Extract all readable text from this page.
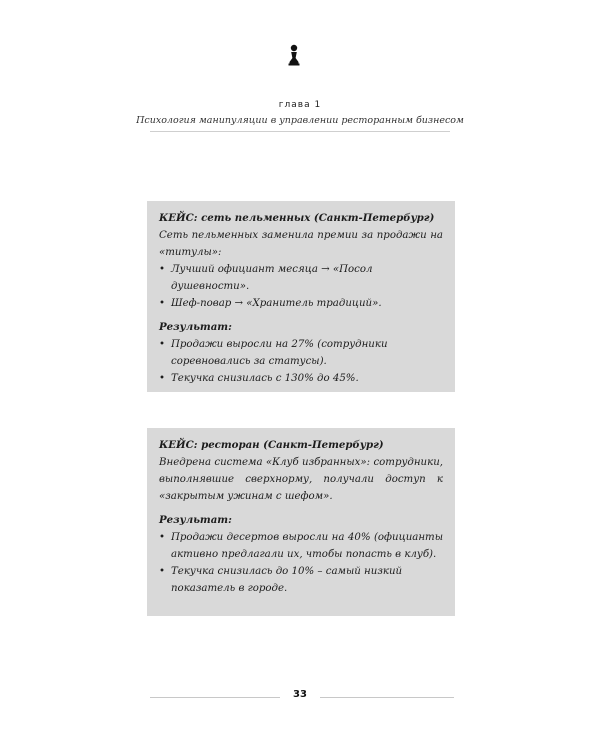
глава 1
Психология манипуляции в управлении ресторанным бизнесом

КЕЙС: сеть пельменных (Санкт-Петербург)

Сеть пельменных заменила премии за продажи на «титулы»:

• Лучший официант месяца → «Посол душевности».
• Шеф-повар → «Хранитель традиций».

Результат:

• Продажи выросли на 27% (сотрудники соревновались за статусы).
• Текучка снизилась с 130% до 45%.

КЕЙС: ресторан (Санкт-Петербург)

Внедрена система «Клуб избранных»: сотрудники, выполнявшие сверхнорму, получали доступ к «закрытым ужинам с шефом».

Результат:

• Продажи десертов выросли на 40% (официанты активно предлагали их, чтобы попасть в клуб).
• Текучка снизилась до 10% – самый низкий показатель в городе.
33
